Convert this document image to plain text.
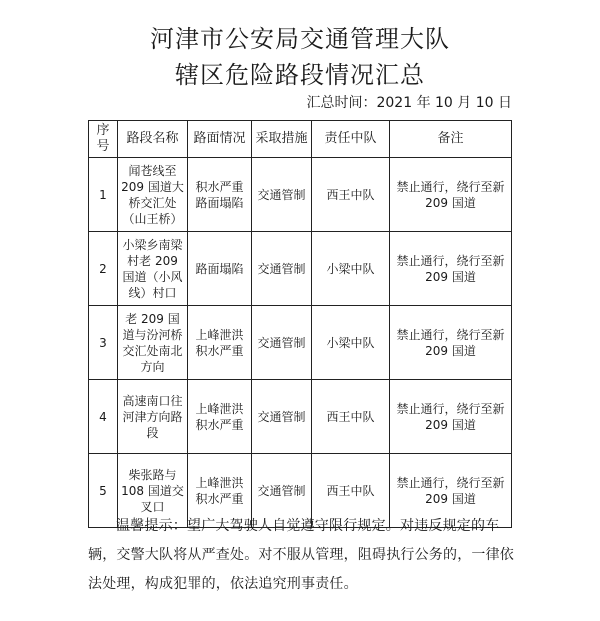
河津市公安局交通管理大队
辖区危险路段情况汇总
汇总时间：2021 年 10 月 10 日
序号	路段名称	路面情况	采取措施	责任中队	备注
1	闻苍线至 209 国道大桥交汇处（山王桥）	积水严重路面塌陷	交通管制	西王中队	禁止通行，绕行至新 209 国道
2	小梁乡南梁村老 209 国道（小风线）村口	路面塌陷	交通管制	小梁中队	禁止通行，绕行至新 209 国道
3	老 209 国道与汾河桥交汇处南北方向	上峰泄洪积水严重	交通管制	小梁中队	禁止通行，绕行至新 209 国道
4	高速南口往河津方向路段	上峰泄洪积水严重	交通管制	西王中队	禁止通行，绕行至新 209 国道
5	柴张路与 108 国道交叉口	上峰泄洪积水严重	交通管制	西王中队	禁止通行，绕行至新 209 国道

温馨提示：望广大驾驶人自觉遵守限行规定。对违反规定的车辆，交警大队将从严查处。对不服从管理，阻碍执行公务的，一律依法处理，构成犯罪的，依法追究刑事责任。
